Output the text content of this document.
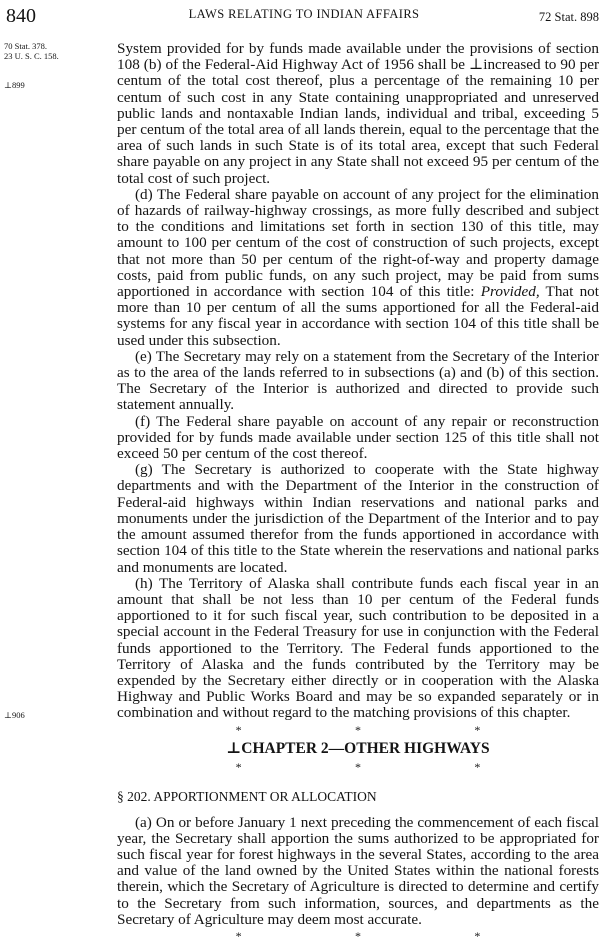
840	LAWS RELATING TO INDIAN AFFAIRS	72 Stat. 898
70 Stat. 378.
23 U. S. C. 158.
⊥899
⊥906

System provided for by funds made available under the provisions of section 108 (b) of the Federal-Aid Highway Act of 1956 shall be ⊥increased to 90 per centum of the total cost thereof, plus a percentage of the remaining 10 per centum of such cost in any State containing unappropriated and unreserved public lands and nontaxable Indian lands, individual and tribal, exceeding 5 per centum of the total area of all lands therein, equal to the percentage that the area of such lands in such State is of its total area, except that such Federal share payable on any project in any State shall not exceed 95 per centum of the total cost of such project.

(d) The Federal share payable on account of any project for the elimination of hazards of railway-highway crossings, as more fully described and subject to the conditions and limitations set forth in section 130 of this title, may amount to 100 per centum of the cost of construction of such projects, except that not more than 50 per centum of the right-of-way and property damage costs, paid from public funds, on any such project, may be paid from sums apportioned in accordance with section 104 of this title: Provided, That not more than 10 per centum of all the sums apportioned for all the Federal-aid systems for any fiscal year in accordance with section 104 of this title shall be used under this subsection.

(e) The Secretary may rely on a statement from the Secretary of the Interior as to the area of the lands referred to in subsections (a) and (b) of this section. The Secretary of the Interior is authorized and directed to provide such statement annually.

(f) The Federal share payable on account of any repair or reconstruction provided for by funds made available under section 125 of this title shall not exceed 50 per centum of the cost thereof.

(g) The Secretary is authorized to cooperate with the State highway departments and with the Department of the Interior in the construction of Federal-aid highways within Indian reservations and national parks and monuments under the jurisdiction of the Department of the Interior and to pay the amount assumed therefor from the funds apportioned in accordance with section 104 of this title to the State wherein the reservations and national parks and monuments are located.

(h) The Territory of Alaska shall contribute funds each fiscal year in an amount that shall be not less than 10 per centum of the Federal funds apportioned to it for such fiscal year, such contribution to be deposited in a special account in the Federal Treasury for use in conjunction with the Federal funds apportioned to the Territory. The Federal funds apportioned to the Territory of Alaska and the funds contributed by the Territory may be expended by the Secretary either directly or in cooperation with the Alaska Highway and Public Works Board and may be so expanded separately or in combination and without regard to the matching provisions of this chapter.

*	*	*
⊥CHAPTER 2—OTHER HIGHWAYS
*	*	*
§ 202. APPORTIONMENT OR ALLOCATION

(a) On or before January 1 next preceding the commencement of each fiscal year, the Secretary shall apportion the sums authorized to be appropriated for such fiscal year for forest highways in the several States, according to the area and value of the land owned by the United States within the national forests therein, which the Secretary of Agriculture is directed to determine and certify to the Secretary from such information, sources, and departments as the Secretary of Agriculture may deem most accurate.

*	*	*
